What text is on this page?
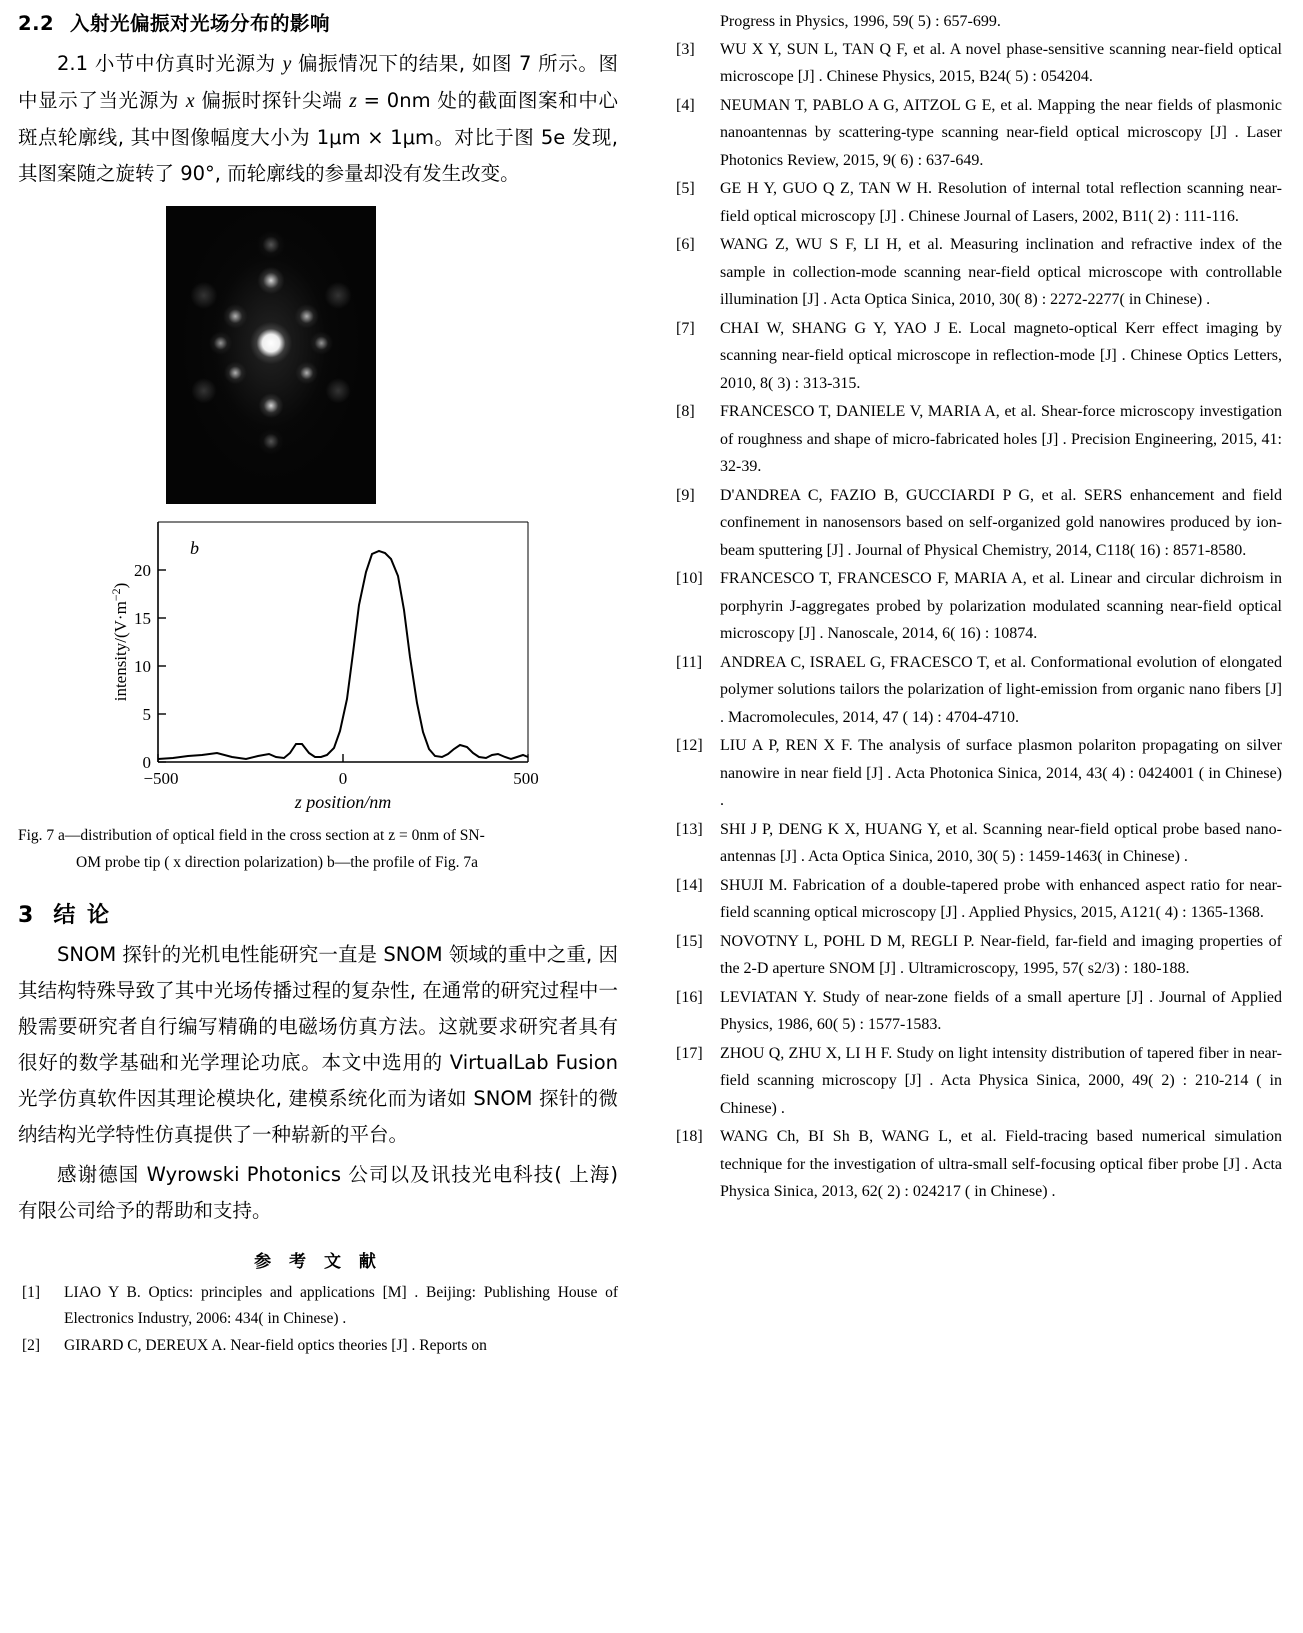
2.2 入射光偏振对光场分布的影响

2.1 小节中仿真时光源为 y 偏振情况下的结果, 如图 7 所示。图中显示了当光源为 x 偏振时探针尖端 z = 0nm 处的截面图案和中心斑点轮廓线, 其中图像幅度大小为 1μm × 1μm。对比于图 5e 发现, 其图案随之旋转了 90°, 而轮廓线的参量却没有发生改变。

a
0
5
10
15
20
−500	0	500
z position/nm
intensity/$(V\cdot m^{-2})$
b
Fig. 7 a—distribution of optical field in the cross section at z = 0nm of SN-
OM probe tip ( x direction polarization) b—the profile of Fig. 7a
3 结 论

SNOM 探针的光机电性能研究一直是 SNOM 领域的重中之重, 因其结构特殊导致了其中光场传播过程的复杂性, 在通常的研究过程中一般需要研究者自行编写精确的电磁场仿真方法。这就要求研究者具有很好的数学基础和光学理论功底。本文中选用的 VirtualLab Fusion 光学仿真软件因其理论模块化, 建模系统化而为诸如 SNOM 探针的微纳结构光学特性仿真提供了一种崭新的平台。

感谢德国 Wyrowski Photonics 公司以及讯技光电科技( 上海) 有限公司给予的帮助和支持。

参 考 文 献
[1]	LIAO Y B. Optics: principles and applications [M] . Beijing: Publishing House of Electronics Industry, 2006: 434( in Chinese) .
[2]	GIRARD C, DEREUX A. Near-field optics theories [J] . Reports on
Progress in Physics, 1996, 59( 5) : 657-699.
[3]	WU X Y, SUN L, TAN Q F, et al. A novel phase-sensitive scanning near-field optical microscope [J] . Chinese Physics, 2015, B24( 5) : 054204.
[4]	NEUMAN T, PABLO A G, AITZOL G E, et al. Mapping the near fields of plasmonic nanoantennas by scattering-type scanning near-field optical microscopy [J] . Laser Photonics Review, 2015, 9( 6) : 637-649.
[5]	GE H Y, GUO Q Z, TAN W H. Resolution of internal total reflection scanning near-field optical microscopy [J] . Chinese Journal of Lasers, 2002, B11( 2) : 111-116.
[6]	WANG Z, WU S F, LI H, et al. Measuring inclination and refractive index of the sample in collection-mode scanning near-field optical microscope with controllable illumination [J] . Acta Optica Sinica, 2010, 30( 8) : 2272-2277( in Chinese) .
[7]	CHAI W, SHANG G Y, YAO J E. Local magneto-optical Kerr effect imaging by scanning near-field optical microscope in reflection-mode [J] . Chinese Optics Letters, 2010, 8( 3) : 313-315.
[8]	FRANCESCO T, DANIELE V, MARIA A, et al. Shear-force microscopy investigation of roughness and shape of micro-fabricated holes [J] . Precision Engineering, 2015, 41: 32-39.
[9]	D'ANDREA C, FAZIO B, GUCCIARDI P G, et al. SERS enhancement and field confinement in nanosensors based on self-organized gold nanowires produced by ion-beam sputtering [J] . Journal of Physical Chemistry, 2014, C118( 16) : 8571-8580.
[10]	FRANCESCO T, FRANCESCO F, MARIA A, et al. Linear and circular dichroism in porphyrin J-aggregates probed by polarization modulated scanning near-field optical microscopy [J] . Nanoscale, 2014, 6( 16) : 10874.
[11]	ANDREA C, ISRAEL G, FRACESCO T, et al. Conformational evolution of elongated polymer solutions tailors the polarization of light-emission from organic nano fibers [J] . Macromolecules, 2014, 47 ( 14) : 4704-4710.
[12]	LIU A P, REN X F. The analysis of surface plasmon polariton propagating on silver nanowire in near field [J] . Acta Photonica Sinica, 2014, 43( 4) : 0424001 ( in Chinese) .
[13]	SHI J P, DENG K X, HUANG Y, et al. Scanning near-field optical probe based nano-antennas [J] . Acta Optica Sinica, 2010, 30( 5) : 1459-1463( in Chinese) .
[14]	SHUJI M. Fabrication of a double-tapered probe with enhanced aspect ratio for near-field scanning optical microscopy [J] . Applied Physics, 2015, A121( 4) : 1365-1368.
[15]	NOVOTNY L, POHL D M, REGLI P. Near-field, far-field and imaging properties of the 2-D aperture SNOM [J] . Ultramicroscopy, 1995, 57( s2/3) : 180-188.
[16]	LEVIATAN Y. Study of near-zone fields of a small aperture [J] . Journal of Applied Physics, 1986, 60( 5) : 1577-1583.
[17]	ZHOU Q, ZHU X, LI H F. Study on light intensity distribution of tapered fiber in near-field scanning microscopy [J] . Acta Physica Sinica, 2000, 49( 2) : 210-214 ( in Chinese) .
[18]	WANG Ch, BI Sh B, WANG L, et al. Field-tracing based numerical simulation technique for the investigation of ultra-small self-focusing optical fiber probe [J] . Acta Physica Sinica, 2013, 62( 2) : 024217 ( in Chinese) .
